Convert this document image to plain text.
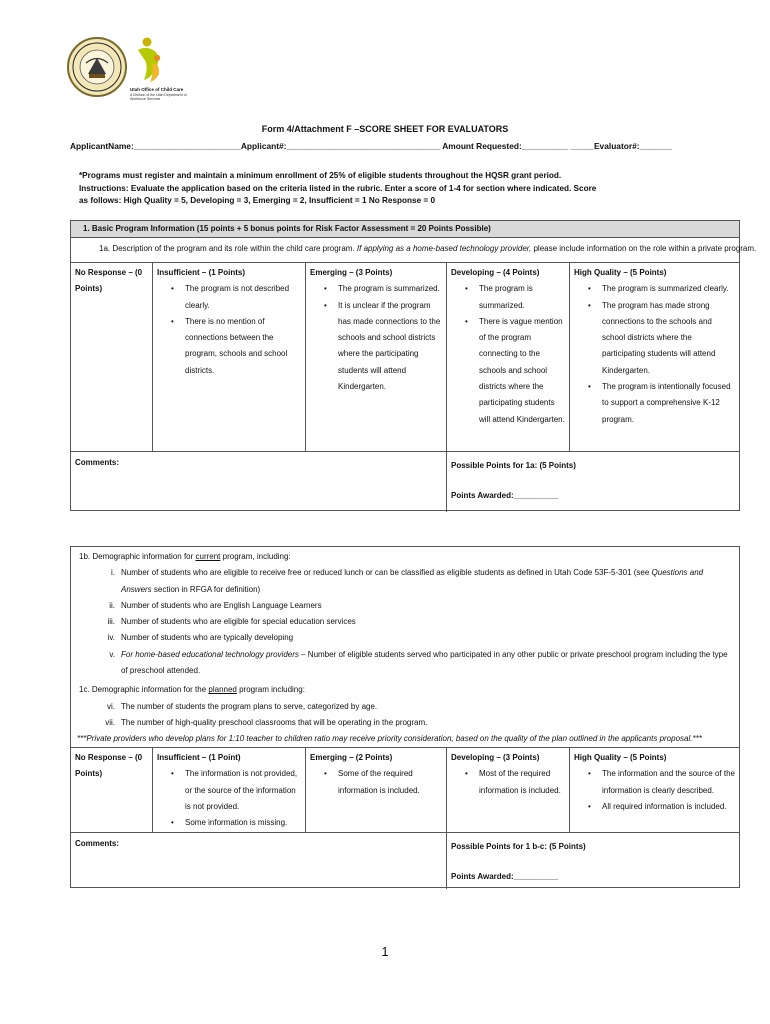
Utah Office of Child Care
A Division of the Utah Department of Workforce Services
Form 4/Attachment F –SCORE SHEET FOR EVALUATORS
ApplicantName:_______________________Applicant#:_________________________________ Amount Requested:__________ _____Evaluator#:_______
*Programs must register and maintain a minimum enrollment of 25% of eligible students throughout the HQSR grant period.
Instructions: Evaluate the application based on the criteria listed in the rubric. Enter a score of 1-4 for section where indicated. Score
as follows: High Quality = 5, Developing = 3, Emerging = 2, Insufficient = 1 No Response = 0
1. Basic Program Information (15 points + 5 bonus points for Risk Factor Assessment = 20 Points Possible)
1a. Description of the program and its role within the child care program. If applying as a home-based technology provider, please include information on the role within a private program.
No Response – (0 Points)
Insufficient – (1 Points)
• The program is not described clearly.
• There is no mention of connections between the program, schools and school districts.
Emerging – (3 Points)
• The program is summarized.
• It is unclear if the program has made connections to the schools and school districts where the participating students will attend Kindergarten.
Developing – (4 Points)
• The program is summarized.
• There is vague mention of the program connecting to the schools and school districts where the participating students will attend Kindergarten.
High Quality – (5 Points)
• The program is summarized clearly.
• The program has made strong connections to the schools and school districts where the participating students will attend Kindergarten.
• The program is intentionally focused to support a comprehensive K-12 program.
Comments:	Possible Points for 1a: (5 Points)
Points Awarded:__________
1b. Demographic information for current program, including:
i. Number of students who are eligible to receive free or reduced lunch or can be classified as eligible students as defined in Utah Code 53F-5-301 (see Questions and Answers section in RFGA for definition)
ii. Number of students who are English Language Learners
iii. Number of students who are eligible for special education services
iv. Number of students who are typically developing
v. For home-based educational technology providers – Number of eligible students served who participated in any other public or private preschool program including the type of preschool attended.
1c. Demographic information for the planned program including:
vi. The number of students the program plans to serve, categorized by age.
vii. The number of high-quality preschool classrooms that will be operating in the program.
***Private providers who develop plans for 1:10 teacher to children ratio may receive priority consideration, based on the quality of the plan outlined in the applicants proposal.***
No Response – (0 Points)
Insufficient – (1 Point)
• The information is not provided, or the source of the information is not provided.
• Some information is missing.
Emerging – (2 Points)
• Some of the required information is included.
Developing – (3 Points)
• Most of the required information is included.
High Quality – (5 Points)
• The information and the source of the information is clearly described.
• All required information is included.
Comments:	Possible Points for 1 b-c: (5 Points)
Points Awarded:__________
1
